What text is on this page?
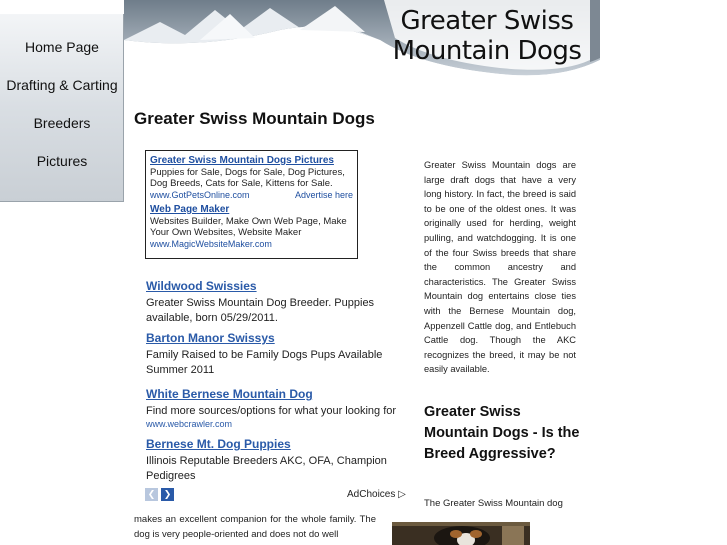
Greater Swiss Mountain Dogs
Home Page
Drafting & Carting
Breeders
Pictures
Greater Swiss Mountain Dogs
Greater Swiss Mountain Dogs Pictures
Puppies for Sale, Dogs for Sale, Dog Pictures, Dog Breeds, Cats for Sale, Kittens for Sale.
www.GotPetsOnline.com	Advertise here
Web Page Maker
Websites Builder, Make Own Web Page, Make Your Own Websites, Website Maker
www.MagicWebsiteMaker.com
Wildwood Swissies
Greater Swiss Mountain Dog Breeder. Puppies available, born 05/29/2011.
Barton Manor Swissys
Family Raised to be Family Dogs Pups Available Summer 2011
White Bernese Mountain Dog
Find more sources/options for what your looking for
www.webcrawler.com
Bernese Mt. Dog Puppies
Illinois Reputable Breeders AKC, OFA, Champion Pedigrees
❮ ❯	AdChoices ▷
makes an excellent companion for the whole family. The dog is very people-oriented and does not do well
Greater Swiss Mountain dogs are large draft dogs that have a very long history. In fact, the breed is said to be one of the oldest ones. It was originally used for herding, weight pulling, and watchdogging. It is one of the four Swiss breeds that share the common ancestry and characteristics. The Greater Swiss Mountain dog entertains close ties with the Bernese Mountain dog, Appenzell Cattle dog, and Entlebuch Cattle dog. Though the AKC recognizes the breed, it may be not easily available.
Greater Swiss Mountain Dogs - Is the Breed Aggressive?
The Greater Swiss Mountain dog
